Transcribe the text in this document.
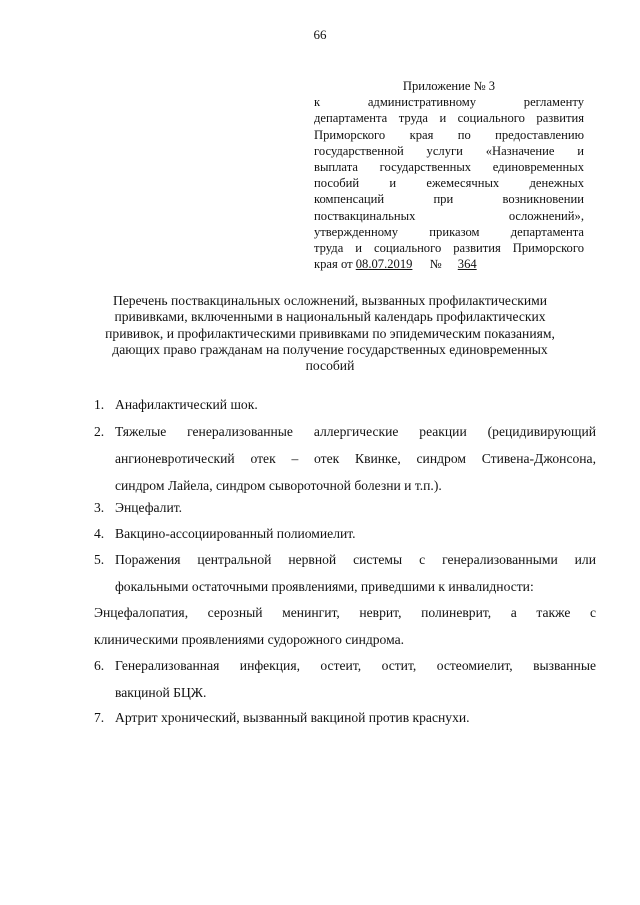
66
Приложение № 3
к административному регламенту
департамента труда и социального развития
Приморского края по предоставлению
государственной услуги «Назначение и
выплата государственных единовременных
пособий и ежемесячных денежных
компенсаций при возникновении
поствакцинальных осложнений»,
утвержденному приказом департамента
труда и социального развития Приморского
края от 08.07.2019 № 364
Перечень поствакцинальных осложнений, вызванных профилактическими
прививками, включенными в национальный календарь профилактических
прививок, и профилактическими прививками по эпидемическим показаниям,
дающих право гражданам на получение государственных единовременных
пособий
1. Анафилактический шок.
2. Тяжелые генерализованные аллергические реакции (рецидивирующий
ангионевротический отек – отек Квинке, синдром Стивена-Джонсона,
синдром Лайела, синдром сывороточной болезни и т.п.).
3. Энцефалит.
4. Вакцино-ассоциированный полиомиелит.
5. Поражения центральной нервной системы с генерализованными или
фокальными остаточными проявлениями, приведшими к инвалидности:
Энцефалопатия, серозный менингит, неврит, полиневрит, а также с
клиническими проявлениями судорожного синдрома.
6. Генерализованная инфекция, остеит, остит, остеомиелит, вызванные
вакциной БЦЖ.
7. Артрит хронический, вызванный вакциной против краснухи.
